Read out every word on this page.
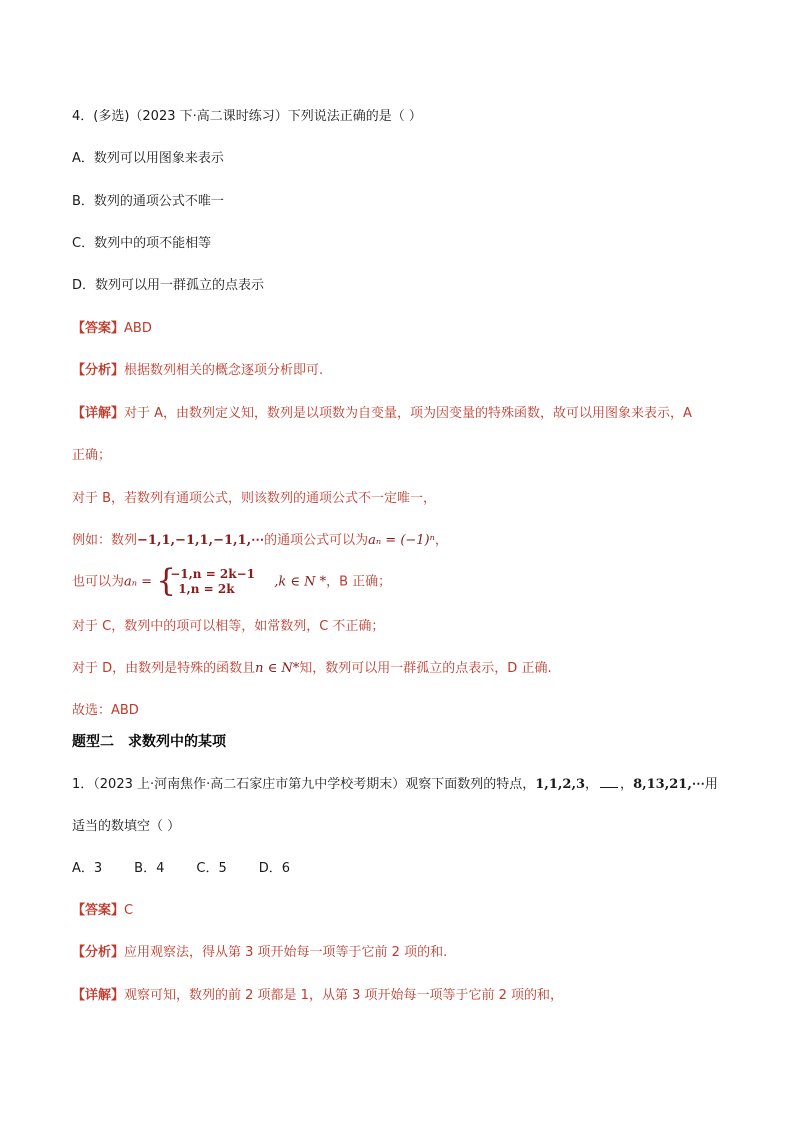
4．(多选)（2023 下·高二课时练习）下列说法正确的是（ ）
A．数列可以用图象来表示
B．数列的通项公式不唯一
C．数列中的项不能相等
D．数列可以用一群孤立的点表示
【答案】ABD
【分析】根据数列相关的概念逐项分析即可.
【详解】对于 A，由数列定义知，数列是以项数为自变量，项为因变量的特殊函数，故可以用图象来表示，A
正确；
对于 B，若数列有通项公式，则该数列的通项公式不一定唯一，
例如：数列−1,1,−1,1,−1,1,⋯的通项公式可以为aₙ = (−1)ⁿ，
也可以为aₙ = {
−1,n = 2k−1
1,n = 2k	,k ∈ N *，B 正确；
对于 C，数列中的项可以相等，如常数列，C 不正确；
对于 D，由数列是特殊的函数且n ∈ N*知，数列可以用一群孤立的点表示，D 正确.
故选：ABD
题型二　求数列中的某项
1．（2023 上·河南焦作·高二石家庄市第九中学校考期末）观察下面数列的特点，1,1,2,3， ，8,13,21,⋯用
适当的数填空（ ）
A．3 B．4 C．5 D．6
【答案】C
【分析】应用观察法，得从第 3 项开始每一项等于它前 2 项的和.
【详解】观察可知，数列的前 2 项都是 1，从第 3 项开始每一项等于它前 2 项的和，
